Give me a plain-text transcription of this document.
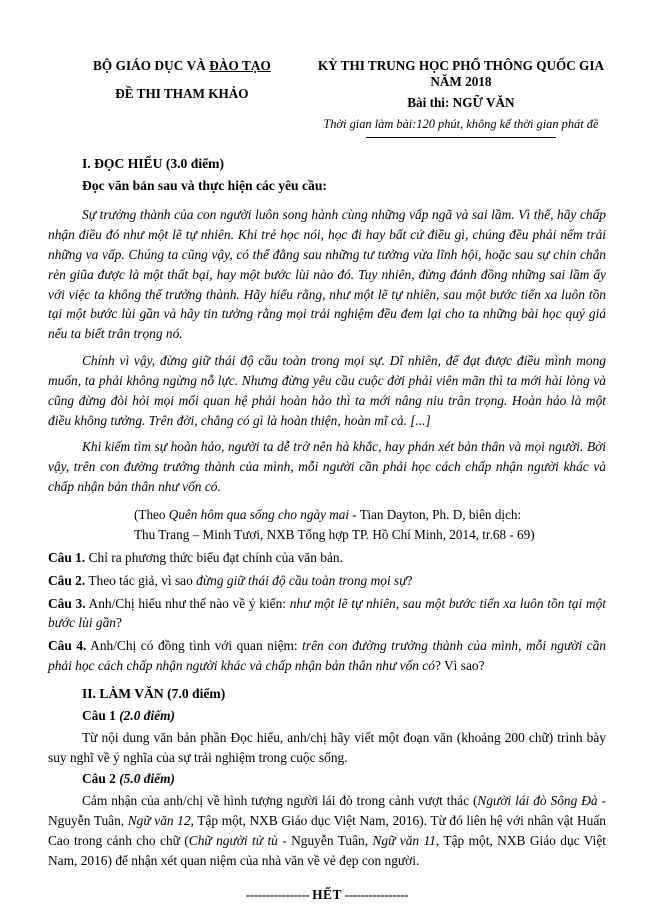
BỘ GIÁO DỤC VÀ ĐÀO TẠO
ĐỀ THI THAM KHẢO
KỲ THI TRUNG HỌC PHỔ THÔNG QUỐC GIA NĂM 2018
Bài thi: NGỮ VĂN
Thời gian làm bài:120 phút, không kể thời gian phát đề
I. ĐỌC HIỂU (3.0 điểm)
Đọc văn bản sau và thực hiện các yêu cầu:
Sự trưởng thành của con người luôn song hành cùng những vấp ngã và sai lầm. Vì thế, hãy chấp nhận điều đó như một lẽ tự nhiên. Khi trẻ học nói, học đi hay bất cứ điều gì, chúng đều phải nếm trải những va vấp. Chúng ta cũng vậy, có thể đằng sau những tư tưởng vừa lĩnh hội, hoặc sau sự chin chắn rèn giũa được là một thất bại, hay một bước lùi nào đó. Tuy nhiên, đừng đánh đồng những sai lầm ấy với việc ta không thể trưởng thành. Hãy hiểu rằng, như một lẽ tự nhiên, sau một bước tiến xa luôn tồn tại một bước lùi gần và hãy tin tưởng rằng mọi trải nghiệm đều đem lại cho ta những bài học quý giá nếu ta biết trân trọng nó.
Chính vì vậy, đừng giữ thái độ cầu toàn trong mọi sự. Dĩ nhiên, để đạt được điều mình mong muốn, ta phải không ngừng nỗ lực. Nhưng đừng yêu cầu cuộc đời phải viên mãn thì ta mới hài lòng và cũng đừng đòi hỏi mọi mối quan hệ phải hoàn hảo thì ta mới nâng niu trân trọng. Hoàn hảo là một điều không tưởng. Trên đời, chẳng có gì là hoàn thiện, hoàn mĩ cả. [...]
Khi kiếm tìm sự hoàn hảo, người ta dễ trở nên hà khắc, hay phán xét bản thân và mọi người. Bởi vậy, trên con đường trưởng thành của mình, mỗi người cần phải học cách chấp nhận người khác và chấp nhận bản thân như vốn có.
(Theo Quên hôm qua sống cho ngày mai - Tian Dayton, Ph. D, biên dịch:
Thu Trang – Minh Tươi, NXB Tổng hợp TP. Hồ Chí Minh, 2014, tr.68 - 69)
Câu 1. Chỉ ra phương thức biểu đạt chính của văn bản.
Câu 2. Theo tác giả, vì sao đừng giữ thái độ cầu toàn trong mọi sự?
Câu 3. Anh/Chị hiểu như thế nào về ý kiến: như một lẽ tự nhiên, sau một bước tiến xa luôn tồn tại một bước lùi gần?
Câu 4. Anh/Chị có đồng tình với quan niệm: trên con đường trưởng thành của mình, mỗi người cần phải học cách chấp nhận người khác và chấp nhận bản thân như vốn có? Vì sao?
II. LÀM VĂN (7.0 điểm)
Câu 1 (2.0 điểm)
Từ nội dung văn bản phần Đọc hiểu, anh/chị hãy viết một đoạn văn (khoảng 200 chữ) trình bày suy nghĩ về ý nghĩa của sự trải nghiệm trong cuộc sống.
Câu 2 (5.0 điểm)
Cảm nhận của anh/chị về hình tượng người lái đò trong cảnh vượt thác (Người lái đò Sông Đà - Nguyễn Tuân, Ngữ văn 12, Tập một, NXB Giáo dục Việt Nam, 2016). Từ đó liên hệ với nhân vật Huấn Cao trong cảnh cho chữ (Chữ người tử tù - Nguyễn Tuân, Ngữ văn 11, Tập một, NXB Giáo dục Việt Nam, 2016) để nhận xét quan niệm của nhà văn về vẻ đẹp con người.
---------------- HẾT ----------------
